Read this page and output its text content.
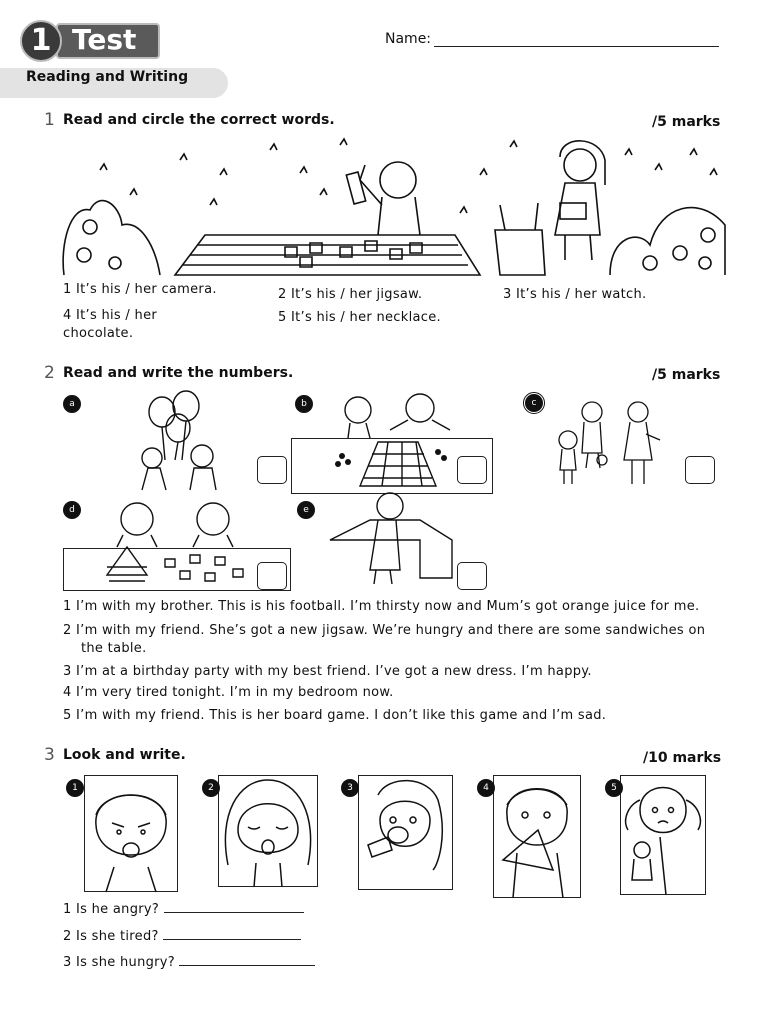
Test
1	Name:
Reading and Writing
1 Read and circle the correct words.	/5 marks
1 It’s his / her camera.	2 It’s his / her jigsaw.	3 It’s his / her watch.
4 It’s his / her chocolate.
5 It’s his / her necklace.
2 Read and write the numbers.	/5 marks
a	b	c
d	e
1 I’m with my brother. This is his football. I’m thirsty now and Mum’s got orange juice for me.
2 I’m with my friend. She’s got a new jigsaw. We’re hungry and there are some sandwiches on the table.
3 I’m at a birthday party with my best friend. I’ve got a new dress. I’m happy.
4 I’m very tired tonight. I’m in my bedroom now.
5 I’m with my friend. This is her board game. I don’t like this game and I’m sad.
3 Look and write.	/10 marks
1	2	3	4	5
1 Is he angry?
2 Is she tired?
3 Is she hungry?
